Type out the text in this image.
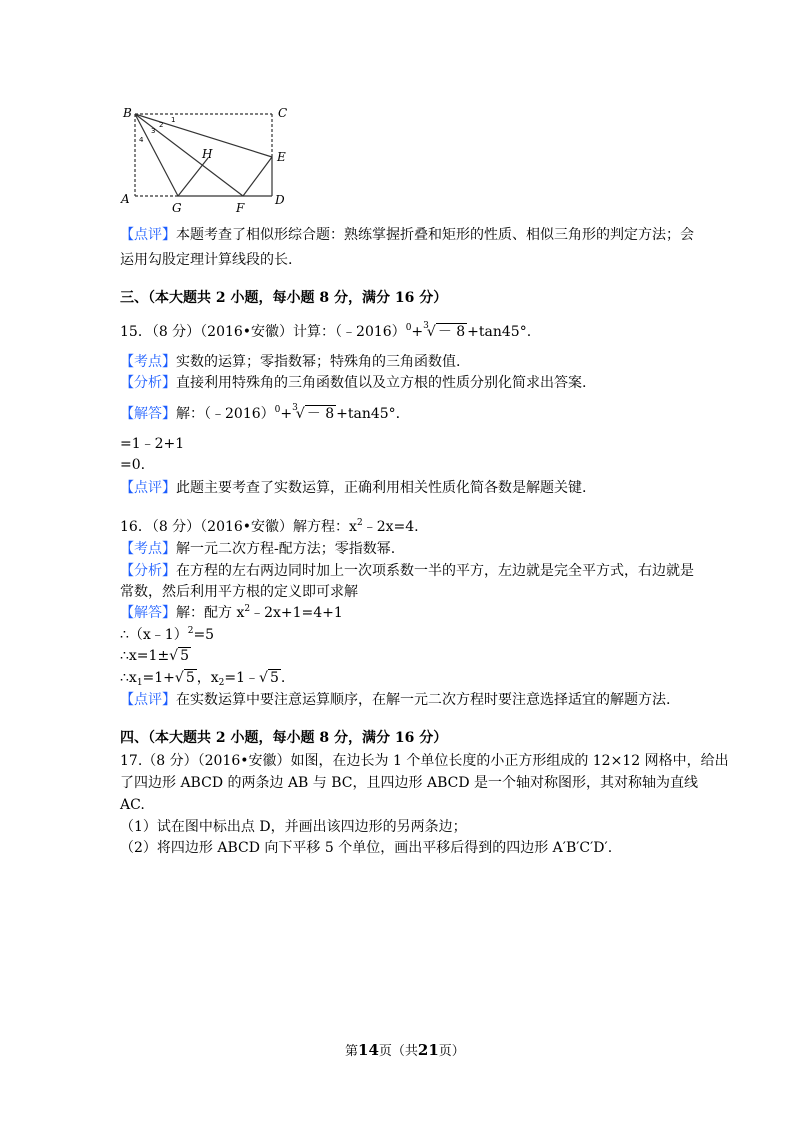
B	C
E
H
A
G	F
D
1
2
3
4
【点评】本题考查了相似形综合题：熟练掌握折叠和矩形的性质、相似三角形的判定方法；会
运用勾股定理计算线段的长.
三、（本大题共 2 小题，每小题 8 分，满分 16 分）
15．（8 分）（2016•安徽）计算：（﹣2016）$^0$+$^3$√ － 8 +tan45°.
【考点】实数的运算；零指数幂；特殊角的三角函数值.
【分析】直接利用特殊角的三角函数值以及立方根的性质分别化简求出答案.
【解答】解：（﹣2016）$^0$+$^3$√ － 8 +tan45°.
=1﹣2+1
=0.
【点评】此题主要考查了实数运算，正确利用相关性质化简各数是解题关键.
16．（8 分）（2016•安徽）解方程：$x^2﹣2x=4$.
【考点】解一元二次方程-配方法；零指数幂.
【分析】在方程的左右两边同时加上一次项系数一半的平方，左边就是完全平方式，右边就是
常数，然后利用平方根的定义即可求解
【解答】解：配方 $x^2﹣2x+1=4+1$
∴（x﹣1）$^2$=5
∴x=1±√ 5
$\therefore x_1=1+√$ 5 ，$x_2=1﹣√$ 5 .
【点评】在实数运算中要注意运算顺序，在解一元二次方程时要注意选择适宜的解题方法.
四、（本大题共 2 小题，每小题 8 分，满分 16 分）
17.（8 分）（2016•安徽）如图，在边长为 1 个单位长度的小正方形组成的 12×12 网格中，给出
了四边形 ABCD 的两条边 AB 与 BC，且四边形 ABCD 是一个轴对称图形，其对称轴为直线
AC.
（1）试在图中标出点 D，并画出该四边形的另两条边；
（2）将四边形 ABCD 向下平移 5 个单位，画出平移后得到的四边形 A′B′C′D′.
第14页（共21页）
